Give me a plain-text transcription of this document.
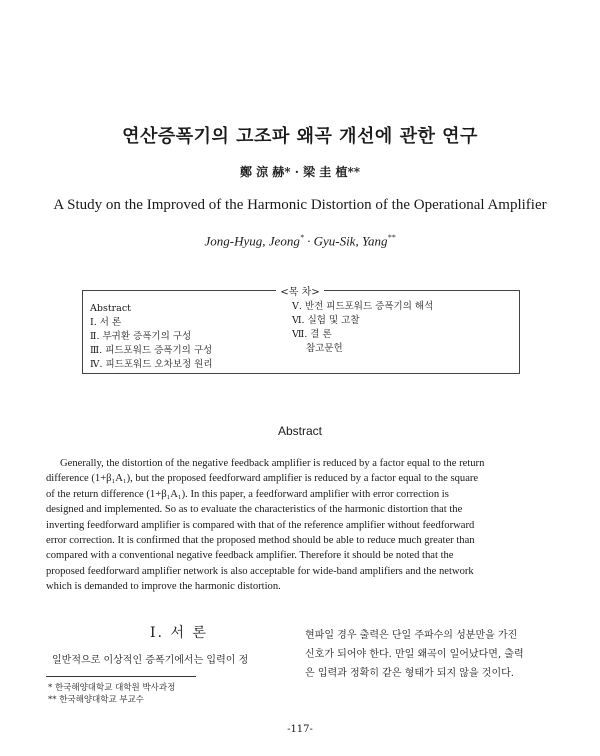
연산증폭기의 고조파 왜곡 개선에 관한 연구
鄭 涼 赫* · 梁 圭 植**
A Study on the Improved of the Harmonic Distortion of the Operational Amplifier
Jong-Hyug, Jeong* · Gyu-Sik, Yang**
<목 차>
Abstract
Ⅰ. 서 론
Ⅱ. 부귀환 증폭기의 구성
Ⅲ. 피드포워드 증폭기의 구성
Ⅳ. 피드포워드 오차보정 원리
Ⅴ. 반전 피드포워드 증폭기의 해석
Ⅵ. 실험 및 고찰
Ⅶ. 결 론
참고문헌
Abstract
Generally, the distortion of the negative feedback amplifier is reduced by a factor equal to the return
difference (1+β₁A₁), but the proposed feedforward amplifier is reduced by a factor equal to the square
of the return difference (1+β₁A₁). In this paper, a feedforward amplifier with error correction is
designed and implemented. So as to evaluate the characteristics of the harmonic distortion that the
inverting feedforward amplifier is compared with that of the reference amplifier without feedforward
error correction. It is confirmed that the proposed method should be able to reduce much greater than
compared with a conventional negative feedback amplifier. Therefore it should be noted that the
proposed feedforward amplifier network is also acceptable for wide-band amplifiers and the network
which is demanded to improve the harmonic distortion.
Ⅰ. 서 론
일반적으로 이상적인 증폭기에서는 입력이 정
현파일 경우 출력은 단일 주파수의 성분만을 가진
신호가 되어야 한다. 만일 왜곡이 일어났다면, 출력
은 입력과 정확히 같은 형태가 되지 않을 것이다.
* 한국해양대학교 대학원 박사과정
** 한국해양대학교 부교수
-117-
